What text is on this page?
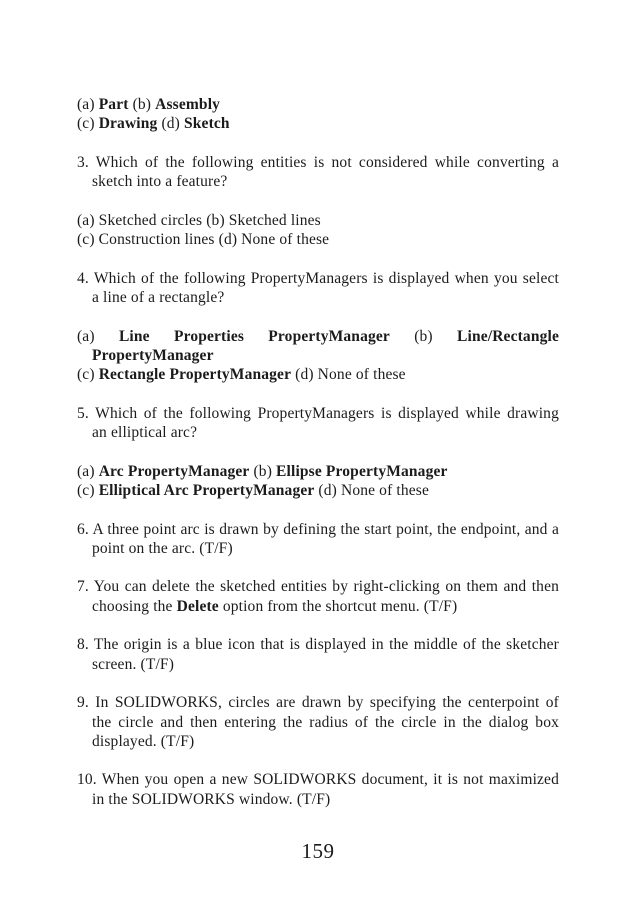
(a) Part (b) Assembly
(c) Drawing (d) Sketch
3. Which of the following entities is not considered while converting a
sketch into a feature?
(a) Sketched circles (b) Sketched lines
(c) Construction lines (d) None of these
4. Which of the following PropertyManagers is displayed when you select
a line of a rectangle?
(a) Line Properties PropertyManager (b) Line/Rectangle
PropertyManager
(c) Rectangle PropertyManager (d) None of these
5. Which of the following PropertyManagers is displayed while drawing
an elliptical arc?
(a) Arc PropertyManager (b) Ellipse PropertyManager
(c) Elliptical Arc PropertyManager (d) None of these
6. A three point arc is drawn by defining the start point, the endpoint, and a
point on the arc. (T/F)
7. You can delete the sketched entities by right-clicking on them and then
choosing the Delete option from the shortcut menu. (T/F)
8. The origin is a blue icon that is displayed in the middle of the sketcher
screen. (T/F)
9. In SOLIDWORKS, circles are drawn by specifying the centerpoint of
the circle and then entering the radius of the circle in the dialog box
displayed. (T/F)
10. When you open a new SOLIDWORKS document, it is not maximized
in the SOLIDWORKS window. (T/F)
159
